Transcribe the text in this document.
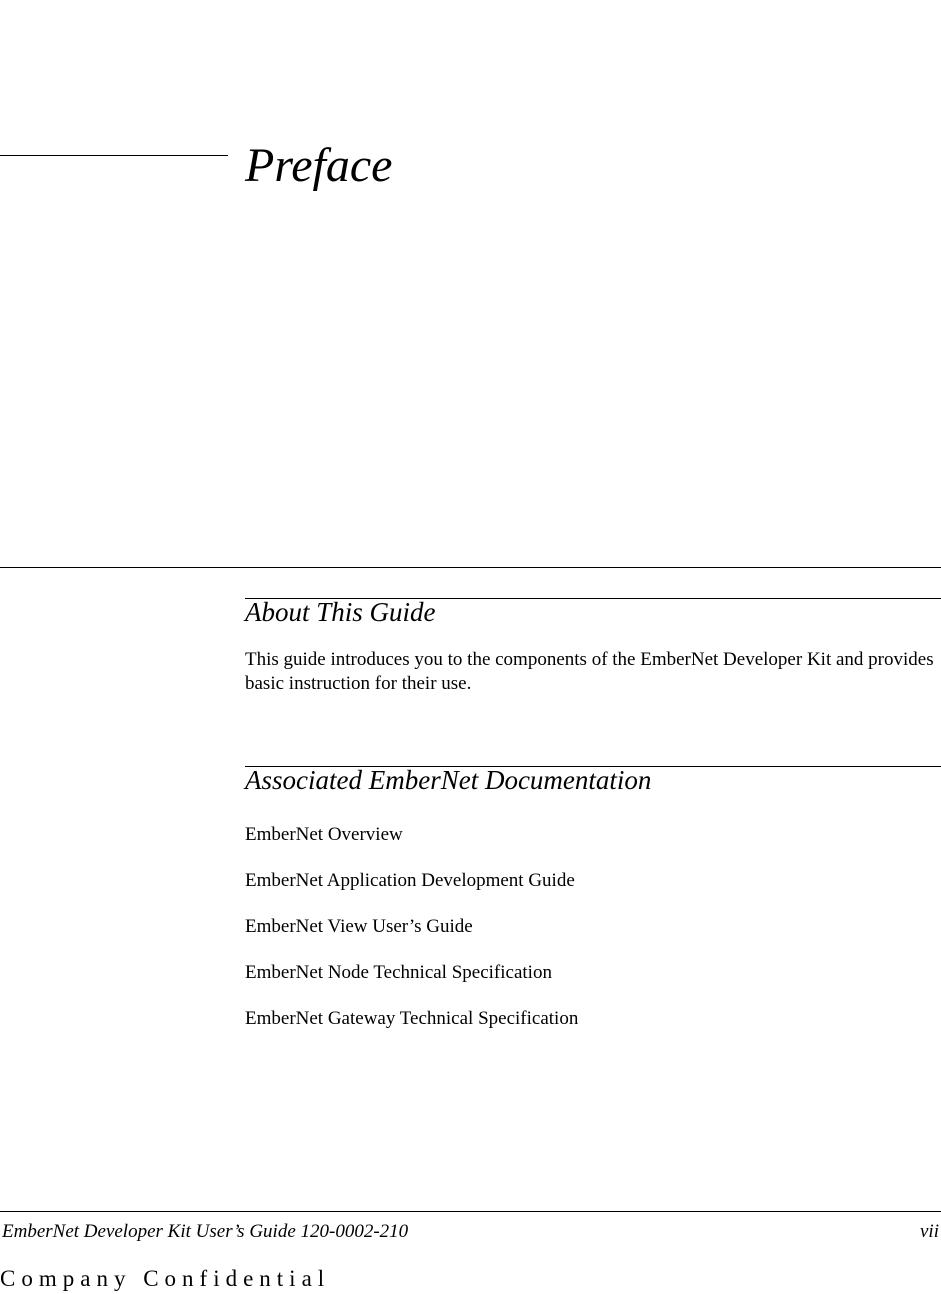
Preface
About This Guide
This guide introduces you to the components of the EmberNet Developer Kit and provides basic instruction for their use.
Associated EmberNet Documentation
EmberNet Overview
EmberNet Application Development Guide
EmberNet View User’s Guide
EmberNet Node Technical Specification
EmberNet Gateway Technical Specification
EmberNet Developer Kit User’s Guide 120-0002-210	vii
Company Confidential
